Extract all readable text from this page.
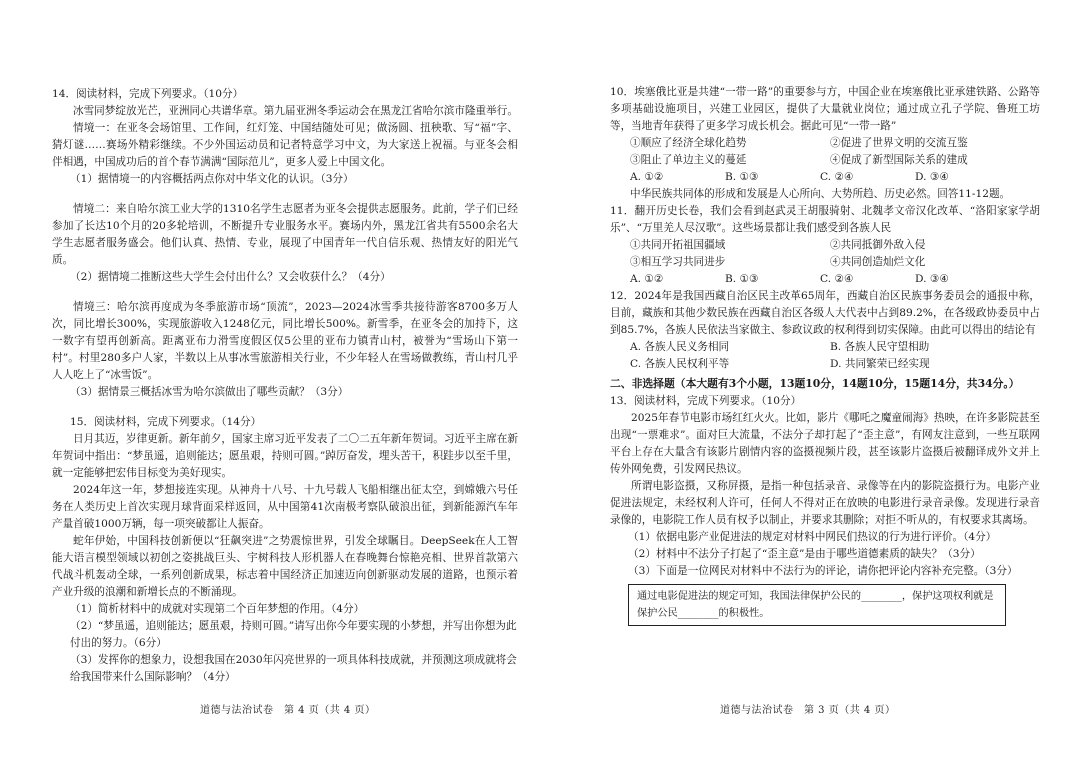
14．阅读材料，完成下列要求。（10分）

冰雪同梦绽放光芒，亚洲同心共谱华章。第九届亚洲冬季运动会在黑龙江省哈尔滨市隆重举行。

情境一：在亚冬会场馆里、工作间，红灯笼、中国结随处可见；做汤圆、扭秧歌、写“福”字、猜灯谜……赛场外精彩继续。不少外国运动员和记者特意学习中文，为大家送上祝福。与亚冬会相伴相遇，中国成功后的首个春节满满“国际范儿”，更多人爱上中国文化。

（1）据情境一的内容概括两点你对中华文化的认识。（3分）

情境二：来自哈尔滨工业大学的1310名学生志愿者为亚冬会提供志愿服务。此前，学子们已经参加了长达10个月的20多轮培训，不断提升专业服务水平。赛场内外，黑龙江省共有5500余名大学生志愿者服务盛会。他们认真、热情、专业，展现了中国青年一代自信乐观、热情友好的阳光气质。

（2）据情境二推断这些大学生会付出什么？又会收获什么？（4分）

情境三：哈尔滨再度成为冬季旅游市场“顶流”，2023—2024冰雪季共接待游客8700多万人次，同比增长300%，实现旅游收入1248亿元，同比增长500%。新雪季，在亚冬会的加持下，这一数字有望再创新高。距离亚布力滑雪度假区仅5公里的亚布力镇青山村，被誉为“雪场山下第一村”。村里280多户人家，半数以上从事冰雪旅游相关行业，不少年轻人在雪场做教练，青山村几乎人人吃上了“冰雪饭”。

（3）据情景三概括冰雪为哈尔滨做出了哪些贡献？（3分）

15．阅读材料，完成下列要求。（14分）

日月其迈，岁律更新。新年前夕，国家主席习近平发表了二〇二五年新年贺词。习近平主席在新年贺词中指出：“梦虽遥，追则能达；愿虽艰，持则可圆。”踔厉奋发，埋头苦干，积跬步以至千里，就一定能够把宏伟目标变为美好现实。

2024年这一年，梦想接连实现。从神舟十八号、十九号载人飞船相继出征太空，到嫦娥六号任务在人类历史上首次实现月球背面采样返回，从中国第41次南极考察队破浪出征，到新能源汽车年产量首破1000万辆，每一项突破都让人振奋。

蛇年伊始，中国科技创新便以“狂飙突进”之势震惊世界，引发全球瞩目。DeepSeek在人工智能大语言模型领域以初创之姿挑战巨头、宇树科技人形机器人在春晚舞台惊艳亮相、世界首款第六代战斗机轰动全球，一系列创新成果，标志着中国经济正加速迈向创新驱动发展的道路，也预示着产业升级的浪潮和新增长点的不断涌现。

（1）简析材料中的成就对实现第二个百年梦想的作用。（4分）

（2）“梦虽遥，追则能达；愿虽艰，持则可圆。”请写出你今年要实现的小梦想，并写出你想为此付出的努力。（6分）

（3）发挥你的想象力，设想我国在2030年闪亮世界的一项具体科技成就，并预测这项成就将会给我国带来什么国际影响？（4分）

道德与法治试卷　第 4 页（共 4 页）

10．埃塞俄比亚是共建“一带一路”的重要参与方，中国企业在埃塞俄比亚承建铁路、公路等多项基础设施项目，兴建工业园区，提供了大量就业岗位；通过成立孔子学院、鲁班工坊等，当地青年获得了更多学习成长机会。据此可见“一带一路”

①顺应了经济全球化趋势	②促进了世界文明的交流互鉴
③阻止了单边主义的蔓延	④促成了新型国际关系的建成
A. ①②	B. ①③	C. ②④	D. ③④

中华民族共同体的形成和发展是人心所向、大势所趋、历史必然。回答11-12题。

11．翻开历史长卷，我们会看到赵武灵王胡服骑射、北魏孝文帝汉化改革、“洛阳家家学胡乐”、“万里羌人尽汉歌”。这些场景都让我们感受到各族人民

①共同开拓祖国疆域	②共同抵御外敌入侵
③相互学习共同进步	④共同创造灿烂文化
A. ①②	B. ①③	C. ②④	D. ③④

12．2024年是我国西藏自治区民主改革65周年，西藏自治区民族事务委员会的通报中称，目前，藏族和其他少数民族在西藏自治区各级人大代表中占到89.2%，在各级政协委员中占到85.7%，各族人民依法当家做主、参政议政的权利得到切实保障。由此可以得出的结论有

A. 各族人民义务相同	B. 各族人民守望相助
C. 各族人民权利平等	D. 共同繁荣已经实现

二、非选择题（本大题有3个小题，13题10分，14题10分，15题14分，共34分。）

13．阅读材料，完成下列要求。（10分）

2025年春节电影市场红红火火。比如，影片《哪吒之魔童闹海》热映，在许多影院甚至出现“一票难求”。面对巨大流量，不法分子却打起了“歪主意”，有网友注意到，一些互联网平台上存在大量含有该影片剧情内容的盗摄视频片段，甚至该影片盗摄后被翻译成外文并上传外网免费，引发网民热议。

所谓电影盗摄，又称屏摄，是指一种包括录音、录像等在内的影院盗摄行为。电影产业促进法规定，未经权利人许可，任何人不得对正在放映的电影进行录音录像。发现进行录音录像的，电影院工作人员有权予以制止，并要求其删除；对拒不听从的，有权要求其离场。

（1）依据电影产业促进法的规定对材料中网民们热议的行为进行评价。（4分）

（2）材料中不法分子打起了“歪主意”是由于哪些道德素质的缺失？（3分）

（3）下面是一位网民对材料中不法行为的评论，请你把评论内容补充完整。（3分）

通过电影促进法的规定可知，我国法律保护公民的________，保护这项权利就是保护公民________的积极性。
道德与法治试卷　第 3 页（共 4 页）
